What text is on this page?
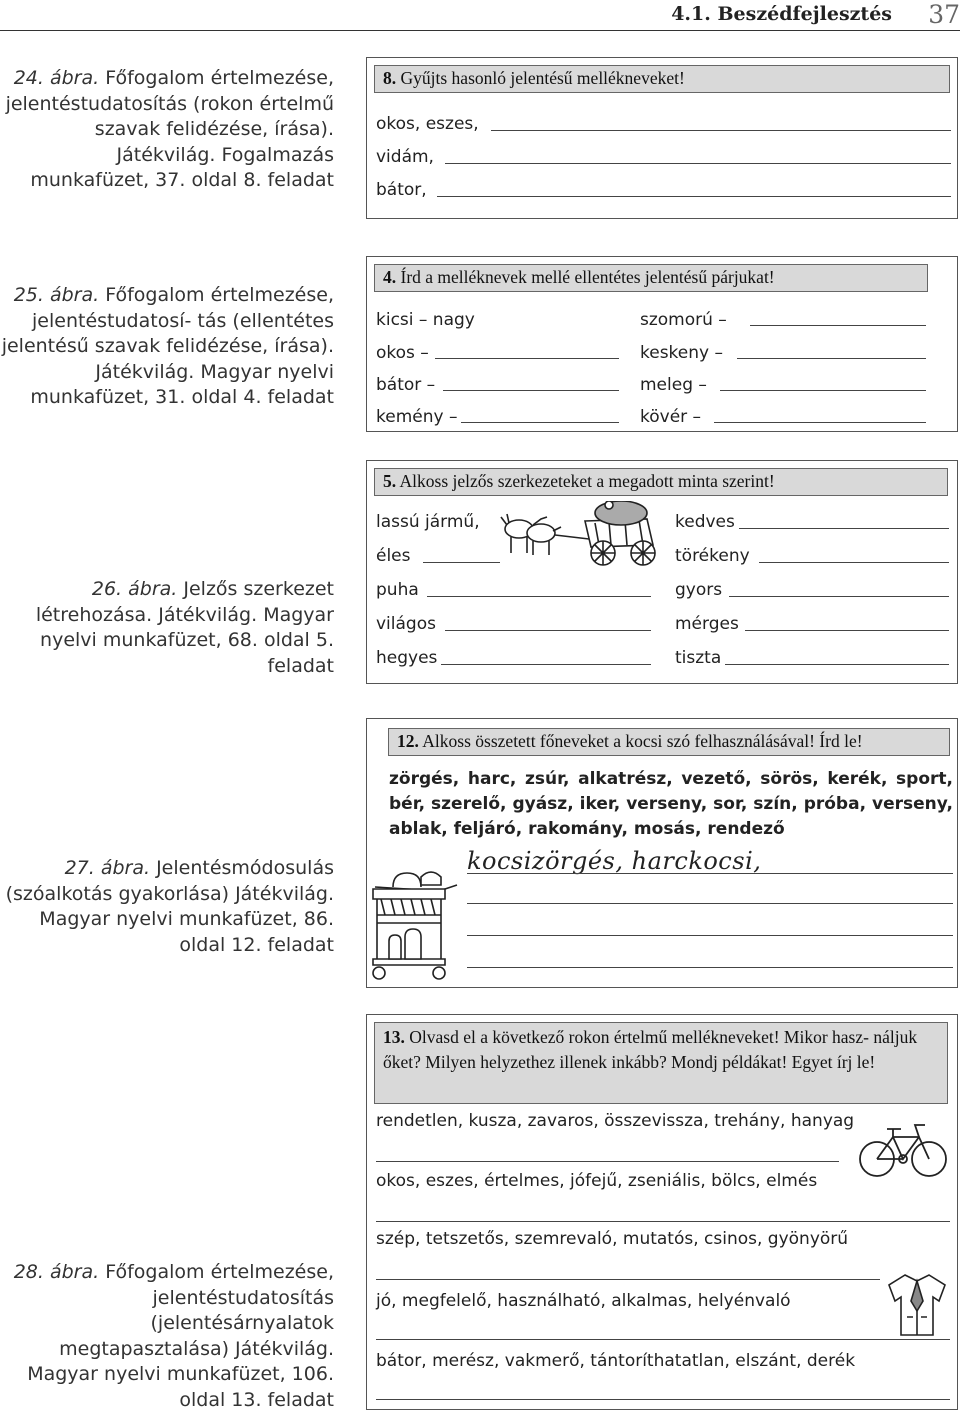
4.1. Beszédfejlesztés 37
24. ábra. Főfogalom értelmezése, jelentéstudatosítás (rokon értelmű szavak felidézése, írása). Játékvilág. Fogalmazás munkafüzet, 37. oldal 8. feladat
25. ábra. Főfogalom értelmezése, jelentéstudatosí- tás (ellentétes jelentésű szavak felidézése, írása). Játékvilág. Magyar nyelvi munkafüzet, 31. oldal 4. feladat
26. ábra. Jelzős szerkezet létrehozása. Játékvilág. Magyar nyelvi munkafüzet, 68. oldal 5. feladat
27. ábra. Jelentésmódosulás (szóalkotás gyakorlása) Játékvilág. Magyar nyelvi munkafüzet, 86. oldal 12. feladat
28. ábra. Főfogalom értelmezése, jelentéstudatosítás (jelentésárnyalatok megtapasztalása) Játékvilág. Magyar nyelvi munkafüzet, 106. oldal 13. feladat
8. Gyűjts hasonló jelentésű mellékneveket!
okos, eszes,
vidám,
bátor,
4. Írd a melléknevek mellé ellentétes jelentésű párjukat!
kicsi – nagy
okos –
bátor –
kemény –
szomorú –
keskeny –
meleg –
kövér –
5. Alkoss jelzős szerkezeteket a megadott minta szerint!
lassú jármű,
éles
puha
világos
hegyes
kedves
törékeny
gyors
mérges
tiszta
12. Alkoss összetett főneveket a kocsi szó felhasználásával! Írd le!
zörgés, harc, zsúr, alkatrész, vezető, sörös, kerék, sport, bér, szerelő, gyász, iker, verseny, sor, szín, próba, verseny, ablak, feljáró, rakomány, mosás, rendező
kocsizörgés, harckocsi,
13. Olvasd el a következő rokon értelmű mellékneveket! Mikor hasz- náljuk őket? Milyen helyzethez illenek inkább? Mondj példákat! Egyet írj le!
rendetlen, kusza, zavaros, összevissza, trehány, hanyag
okos, eszes, értelmes, jófejű, zseniális, bölcs, elmés
szép, tetszetős, szemrevaló, mutatós, csinos, gyönyörű
jó, megfelelő, használható, alkalmas, helyénvaló
bátor, merész, vakmerő, tántoríthatatlan, elszánt, derék
